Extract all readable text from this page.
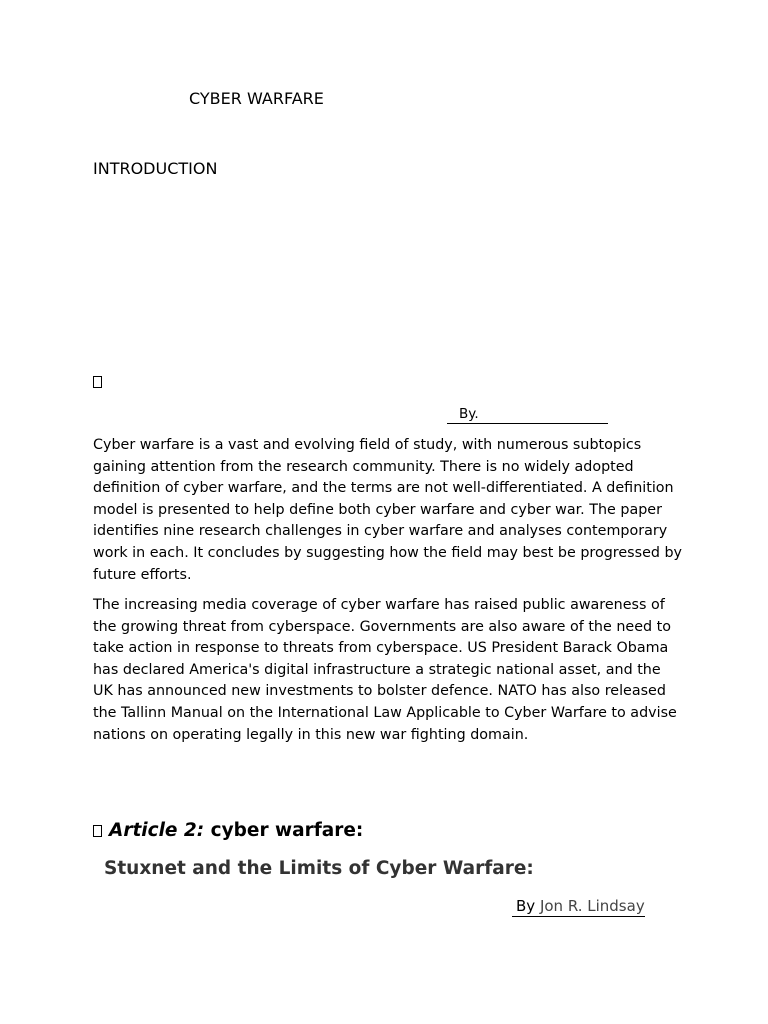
CYBER WARFARE
INTRODUCTION
By.

Cyber warfare is a vast and evolving field of study, with numerous subtopics gaining attention from the research community. There is no widely adopted definition of cyber warfare, and the terms are not well-differentiated. A definition model is presented to help define both cyber warfare and cyber war. The paper identifies nine research challenges in cyber warfare and analyses contemporary work in each. It concludes by suggesting how the field may best be progressed by future efforts.

The increasing media coverage of cyber warfare has raised public awareness of the growing threat from cyberspace. Governments are also aware of the need to take action in response to threats from cyberspace. US President Barack Obama has declared America's digital infrastructure a strategic national asset, and the UK has announced new investments to bolster defence. NATO has also released the Tallinn Manual on the International Law Applicable to Cyber Warfare to advise nations on operating legally in this new war fighting domain.

Article 2: cyber warfare:
Stuxnet and the Limits of Cyber Warfare:
By Jon R. Lindsay
